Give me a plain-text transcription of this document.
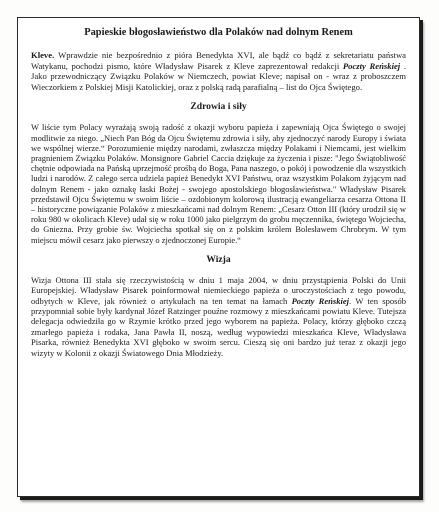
Papieskie błogosławieństwo dla Polaków nad dolnym Renem

Kleve. Wprawdzie nie bezpośrednio z pióra Benedykta XVI, ale bądź co bądź z sekretariatu państwa Watykanu, pochodzi pismo, które Władysław Pisarek z Kleve zaprezentował redakcji Poczty Reńskiej . Jako przewodniczący Związku Polaków w Niemczech, powiat Kleve; napisał on - wraz z proboszczem Wieczorkiem z Polskiej Misji Katolickiej, oraz z polską radą parafialną – list do Ojca Świętego.

Zdrowia i siły

W liście tym Polacy wyrażają swoją radość z okazji wyboru papieża i zapewniają Ojca Świętego o swojej modlitwie za niego. „Niech Pan Bóg da Ojcu Świętemu zdrowia i siły, aby zjednoczyć narody Europy i świata we wspólnej wierze.“ Porozumienie między narodami, zwłaszcza między Polakami i Niemcami, jest wielkim pragnieniem Związku Polaków. Monsignore Gabriel Caccia dziękuje za życzenia i pisze: "Jego Świątobliwość chętnie odpowiada na Pańską uprzejmość prośbą do Boga, Pana naszego, o pokój i powodzenie dla wszystkich ludzi i narodów. Z całego serca udziela papież Benedykt XVI Państwu, oraz wszystkim Polakom żyjącym nad dolnym Renem - jako oznakę łaski Bożej - swojego apostolskiego błogosławieństwa." Władysław Pisarek przedstawił Ojcu Świętemu w swoim liście – ozdobionym kolorową ilustracją ewangeliarza cesarza Ottona II – historyczne powiązanie Polaków z mieszkańcami nad dolnym Renem: „Cesarz Otton III (który urodził się w roku 980 w okolicach Kleve) udał się w roku 1000 jako pielgrzym do grobu męczennika, świętego Wojciecha, do Gniezna. Przy grobie św. Wojciecha spotkał się on z polskim królem Bolesławem Chrobrym. W tym miejscu mówił cesarz jako pierwszy o zjednoczonej Europie.“

Wizja

Wizja Ottona III stała się rzeczywistością w dniu 1 maja 2004, w dniu przystąpienia Polski do Unii Europejskiej. Władysław Pisarek poinformował niemieckiego papieża o uroczystościach z tego powodu, odbytych w Kleve, jak również o artykułach na ten temat na łamach Poczty Reńskiej. W ten sposób przypomniał sobie były kardynał Józef Ratzinger pouźne rozmowy z mieszkańcami powiatu Kleve. Tutejsza delegacja odwiedziła go w Rzymie krótko przed jego wyborem na papieża. Polacy, którzy głęboko czczą zmarłego papieża i rodaka, Jana Pawła II, noszą, według wypowiedzi mieszkańca Kleve, Władysława Pisarka, również Benedykta XVI głęboko w swoim sercu. Cieszą się oni bardzo już teraz z okazji jego wizyty w Kolonii z okazji Światowego Dnia Młodzieży.
